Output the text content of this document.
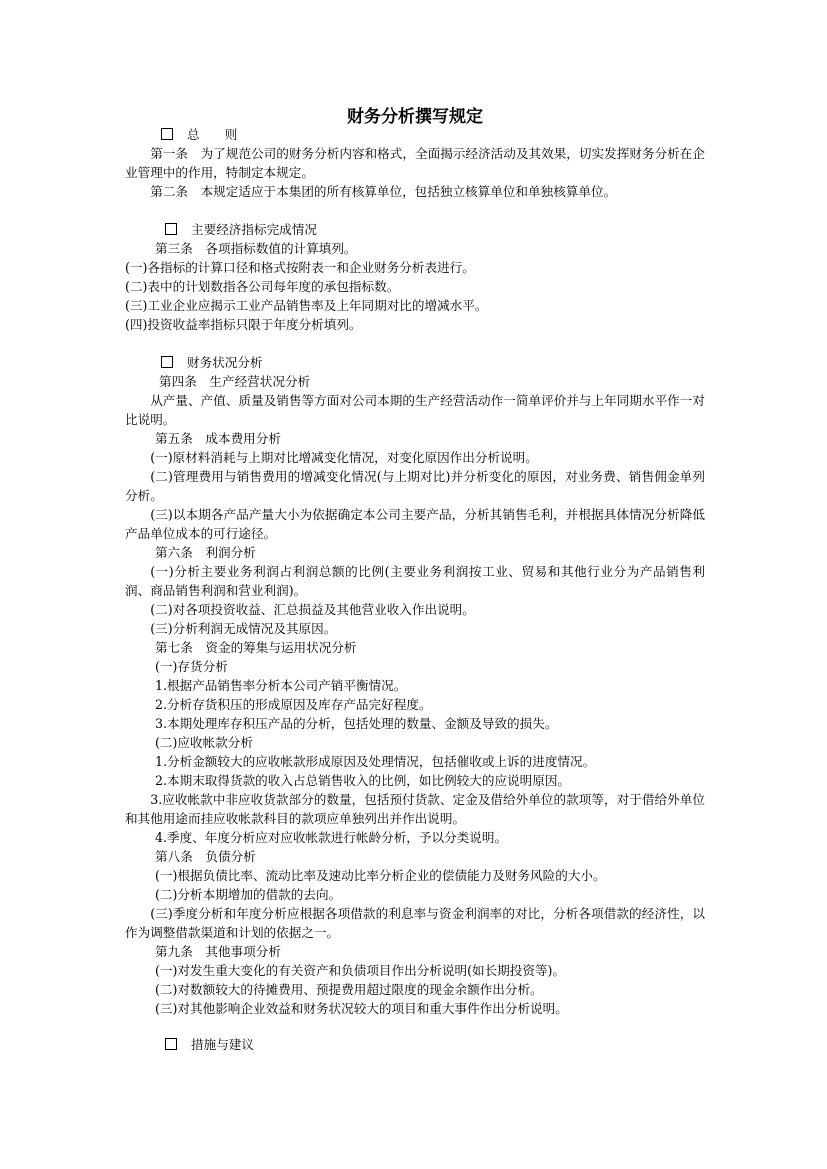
财务分析撰写规定
总　　则
第一条　为了规范公司的财务分析内容和格式，全面揭示经济活动及其效果，切实发挥财务分析在企业管理中的作用，特制定本规定。
第二条　本规定适应于本集团的所有核算单位，包括独立核算单位和单独核算单位。
主要经济指标完成情况
第三条　各项指标数值的计算填列。
(一)各指标的计算口径和格式按附表一和企业财务分析表进行。
(二)表中的计划数指各公司每年度的承包指标数。
(三)工业企业应揭示工业产品销售率及上年同期对比的增减水平。
(四)投资收益率指标只限于年度分析填列。
财务状况分析
第四条　生产经营状况分析
从产量、产值、质量及销售等方面对公司本期的生产经营活动作一简单评价并与上年同期水平作一对比说明。
第五条　成本费用分析
(一)原材料消耗与上期对比增减变化情况，对变化原因作出分析说明。
(二)管理费用与销售费用的增减变化情况(与上期对比)并分析变化的原因，对业务费、销售佣金单列分析。
(三)以本期各产品产量大小为依据确定本公司主要产品，分析其销售毛利，并根据具体情况分析降低产品单位成本的可行途径。
第六条　利润分析
(一)分析主要业务利润占利润总额的比例(主要业务利润按工业、贸易和其他行业分为产品销售利润、商品销售利润和营业利润)。
(二)对各项投资收益、汇总损益及其他营业收入作出说明。
(三)分析利润无成情况及其原因。
第七条　资金的筹集与运用状况分析
(一)存货分析
1.根据产品销售率分析本公司产销平衡情况。
2.分析存货积压的形成原因及库存产品完好程度。
3.本期处理库存积压产品的分析，包括处理的数量、金额及导致的损失。
(二)应收帐款分析
1.分析金额较大的应收帐款形成原因及处理情况，包括催收或上诉的进度情况。
2.本期末取得货款的收入占总销售收入的比例，如比例较大的应说明原因。
3.应收帐款中非应收货款部分的数量，包括预付货款、定金及借给外单位的款项等，对于借给外单位和其他用途而挂应收帐款科目的款项应单独列出并作出说明。
4.季度、年度分析应对应收帐款进行帐龄分析，予以分类说明。
第八条　负债分析
(一)根据负债比率、流动比率及速动比率分析企业的偿债能力及财务风险的大小。
(二)分析本期增加的借款的去向。
(三)季度分析和年度分析应根据各项借款的利息率与资金利润率的对比，分析各项借款的经济性，以作为调整借款渠道和计划的依据之一。
第九条　其他事项分析
(一)对发生重大变化的有关资产和负债项目作出分析说明(如长期投资等)。
(二)对数额较大的待摊费用、预提费用超过限度的现金余额作出分析。
(三)对其他影响企业效益和财务状况较大的项目和重大事件作出分析说明。
措施与建议
